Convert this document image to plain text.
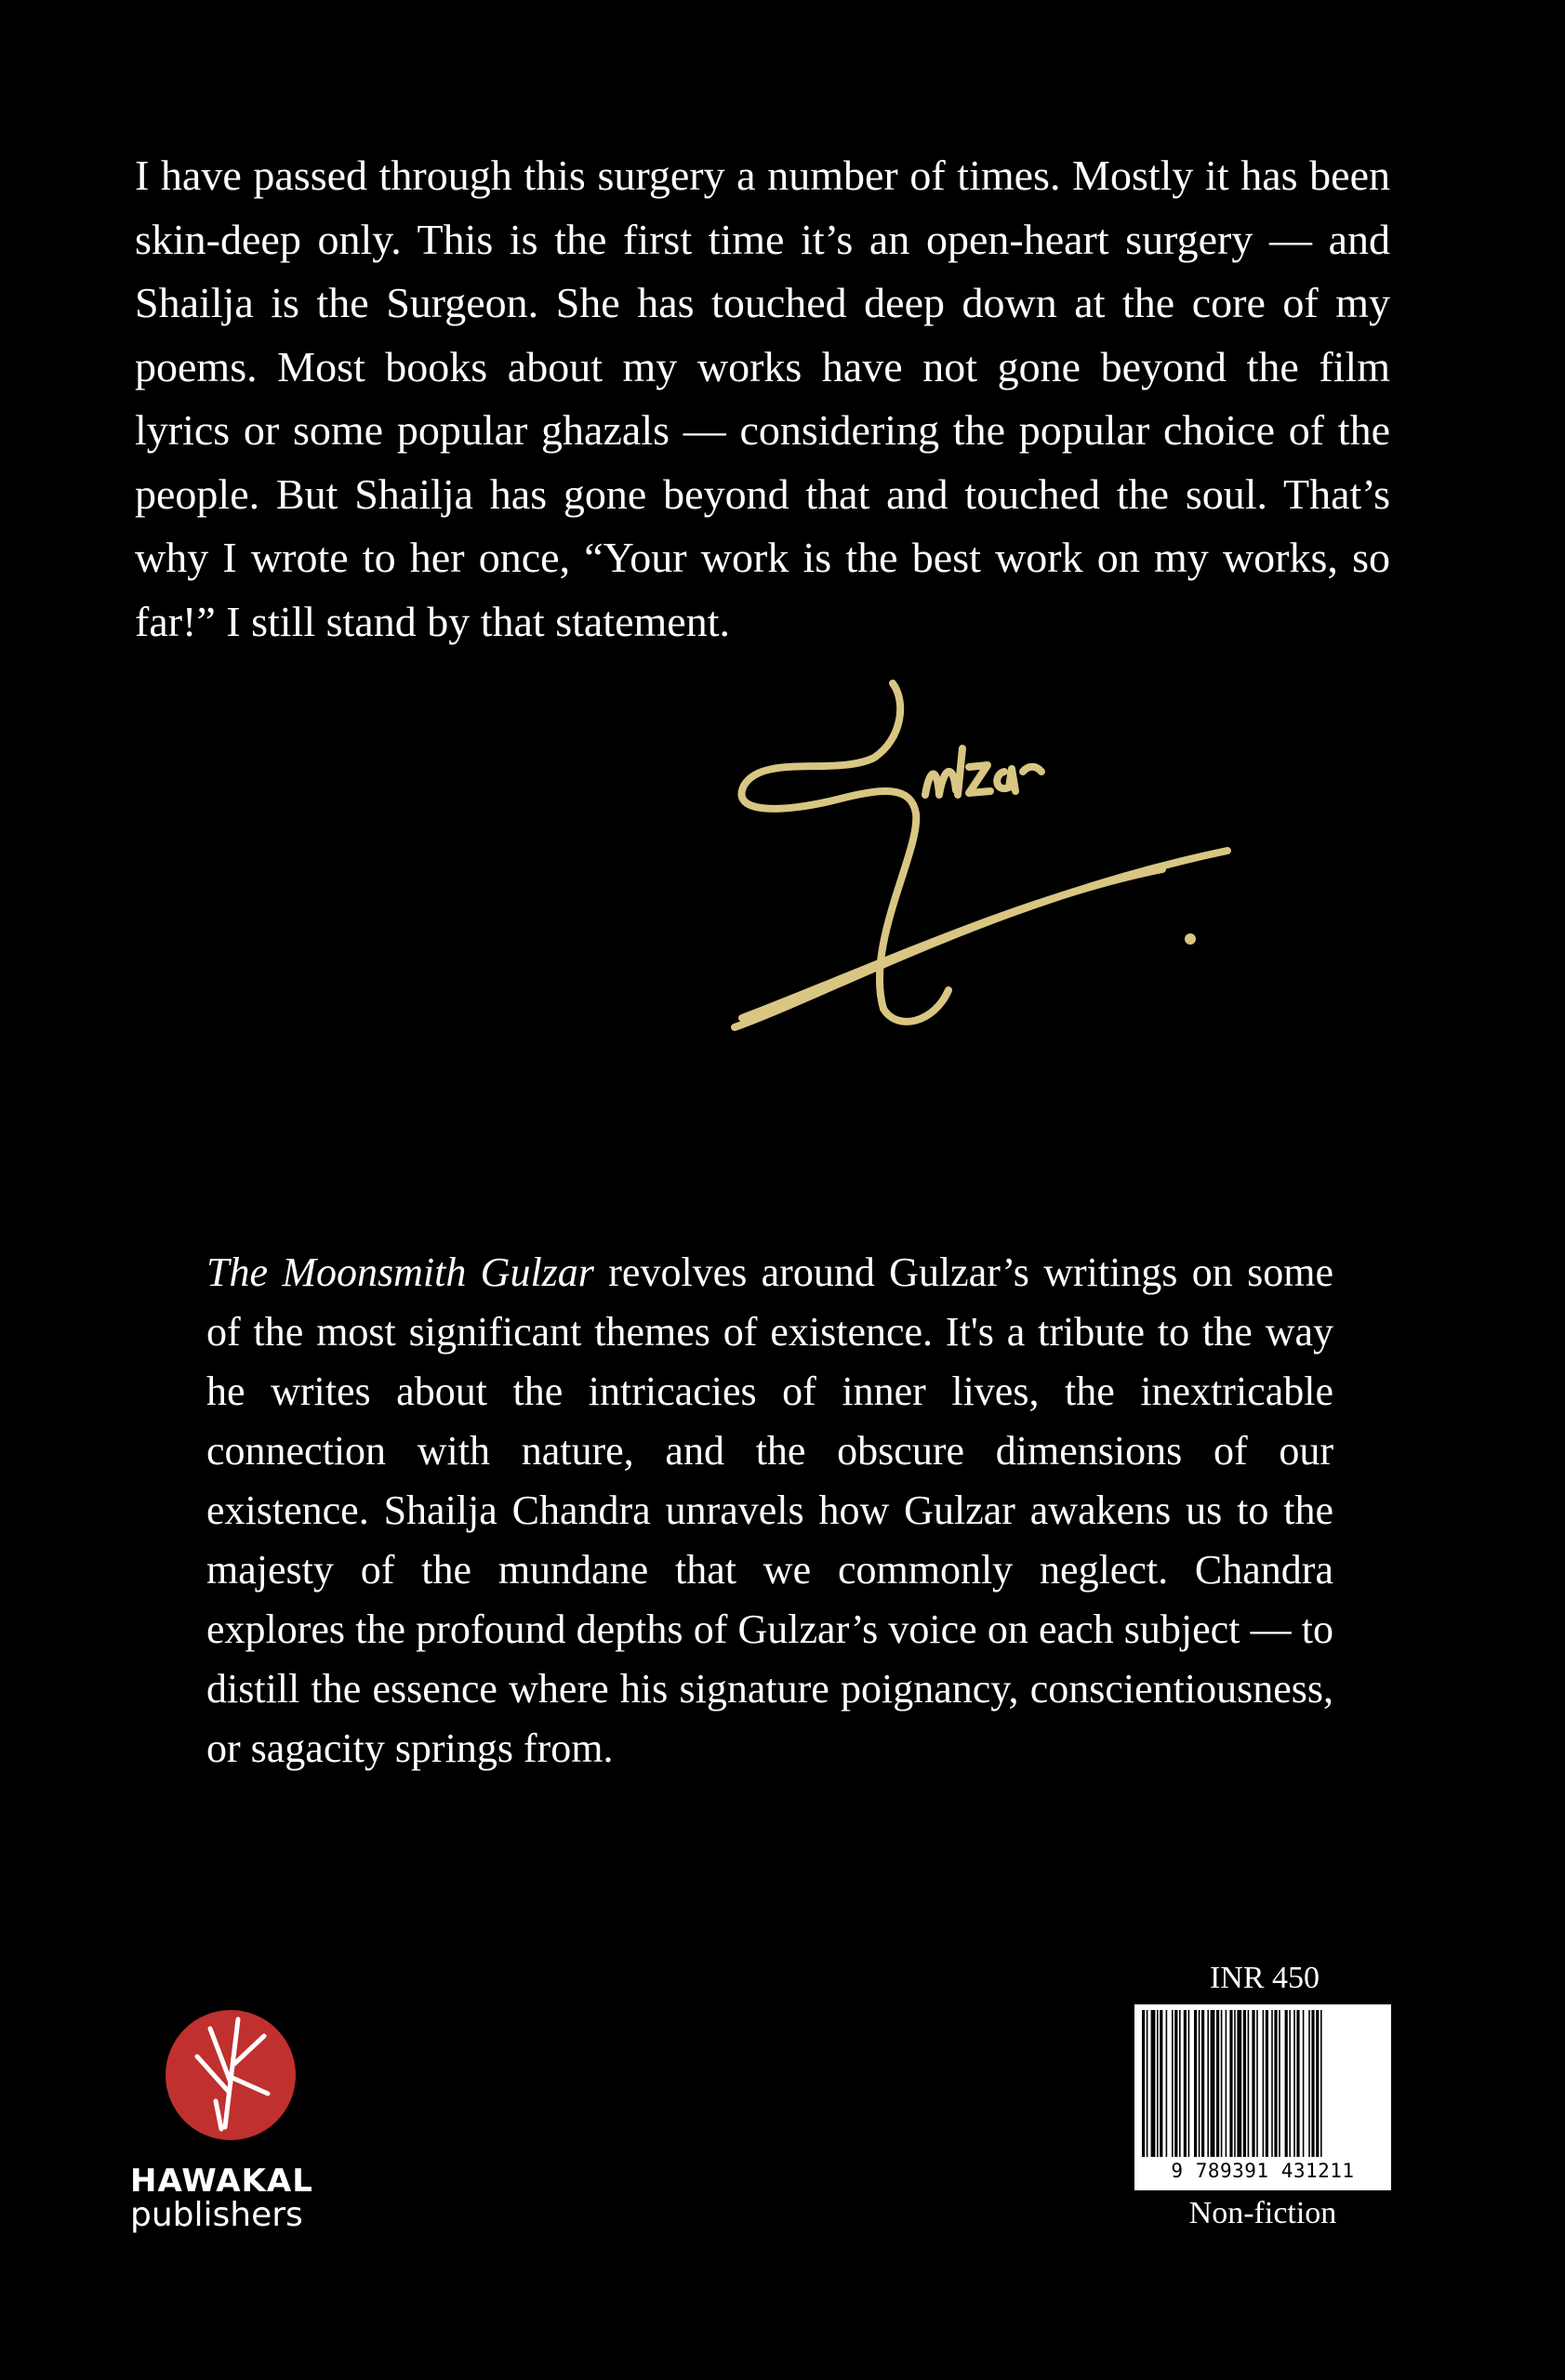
I have passed through this surgery a number of times. Mostly it has been skin-deep only. This is the first time it’s an open-heart surgery — and Shailja is the Surgeon. She has touched deep down at the core of my poems. Most books about my works have not gone beyond the film lyrics or some popular ghazals — considering the popular choice of the people. But Shailja has gone beyond that and touched the soul. That’s why I wrote to her once, “Your work is the best work on my works, so far!” I still stand by that statement.

The Moonsmith Gulzar revolves around Gulzar’s writings on some of the most significant themes of existence. It's a tribute to the way he writes about the intricacies of inner lives, the inextricable connection with nature, and the obscure dimensions of our existence. Shailja Chandra unravels how Gulzar awakens us to the majesty of the mundane that we commonly neglect. Chandra explores the profound depths of Gulzar’s voice on each subject — to distill the essence where his signature poignancy, conscientiousness, or sagacity springs from.

HAWAKAL

publishers

INR 450

9 789391 431211

Non-fiction
